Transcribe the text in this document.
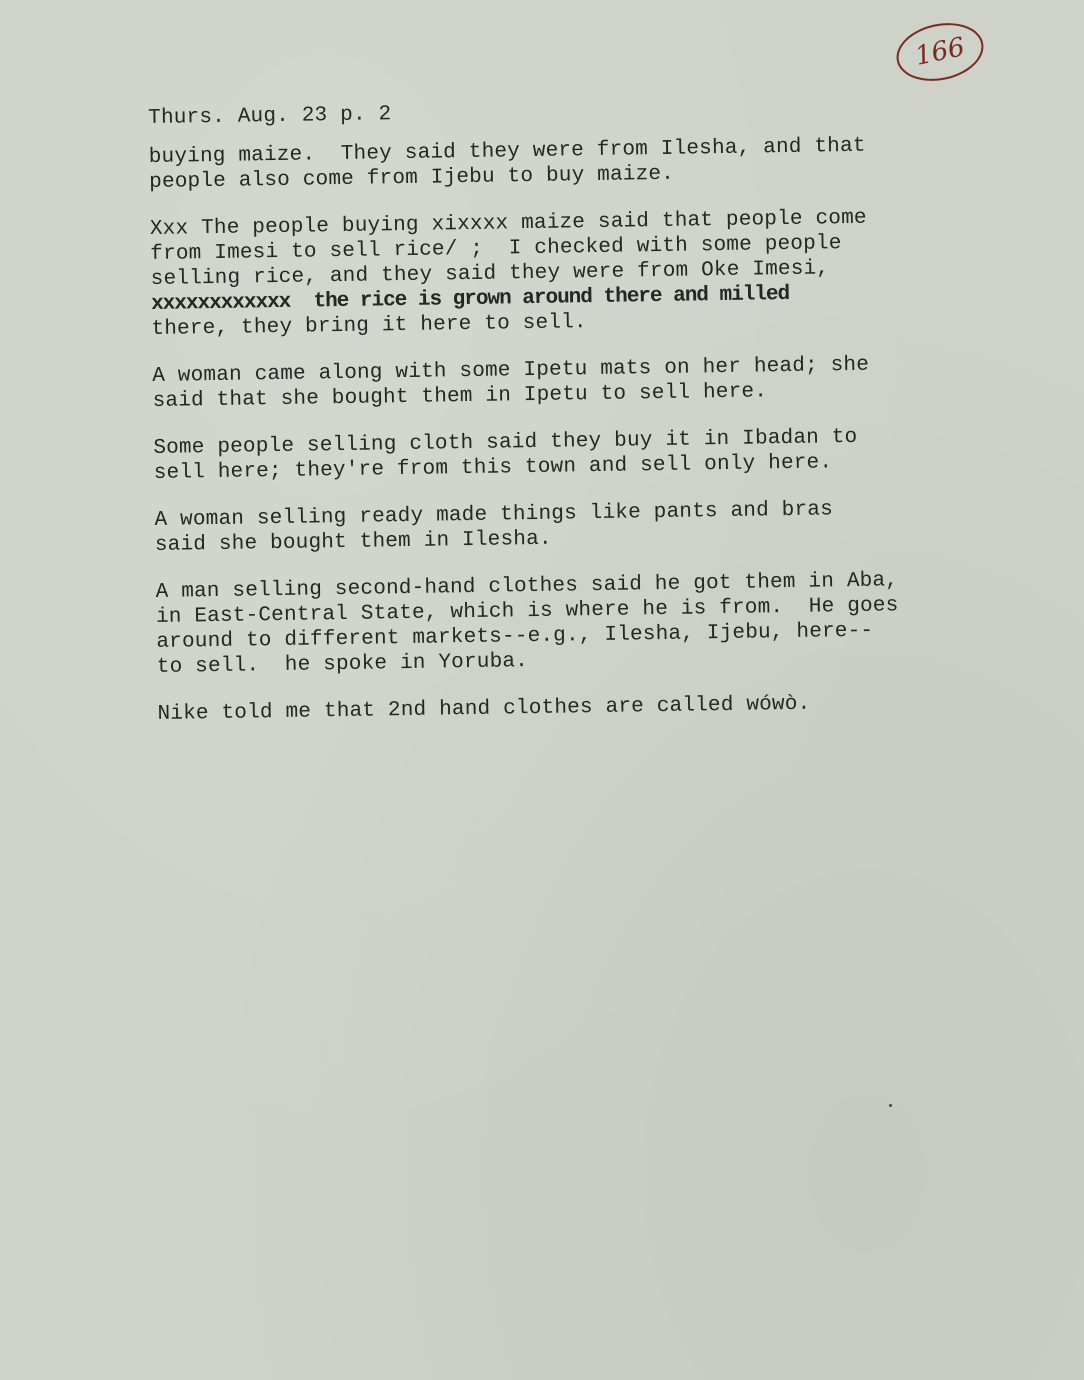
166
Thurs. Aug. 23 p. 2
buying maize.  They said they were from Ilesha, and that
people also come from Ijebu to buy maize.
Xxx The people buying xixxxx maize said that people come
from Imesi to sell rice/ ;  I checked with some people
selling rice, and they said they were from Oke Imesi,
xxxxxxxxxxxx  the rice is grown around there and milled
there, they bring it here to sell.
A woman came along with some Ipetu mats on her head; she
said that she bought them in Ipetu to sell here.
Some people selling cloth said they buy it in Ibadan to
sell here; they're from this town and sell only here.
A woman selling ready made things like pants and bras
said she bought them in Ilesha.
A man selling second-hand clothes said he got them in Aba,
in East-Central State, which is where he is from.  He goes
around to different markets--e.g., Ilesha, Ijebu, here--
to sell.  he spoke in Yoruba.
Nike told me that 2nd hand clothes are called wówò.
